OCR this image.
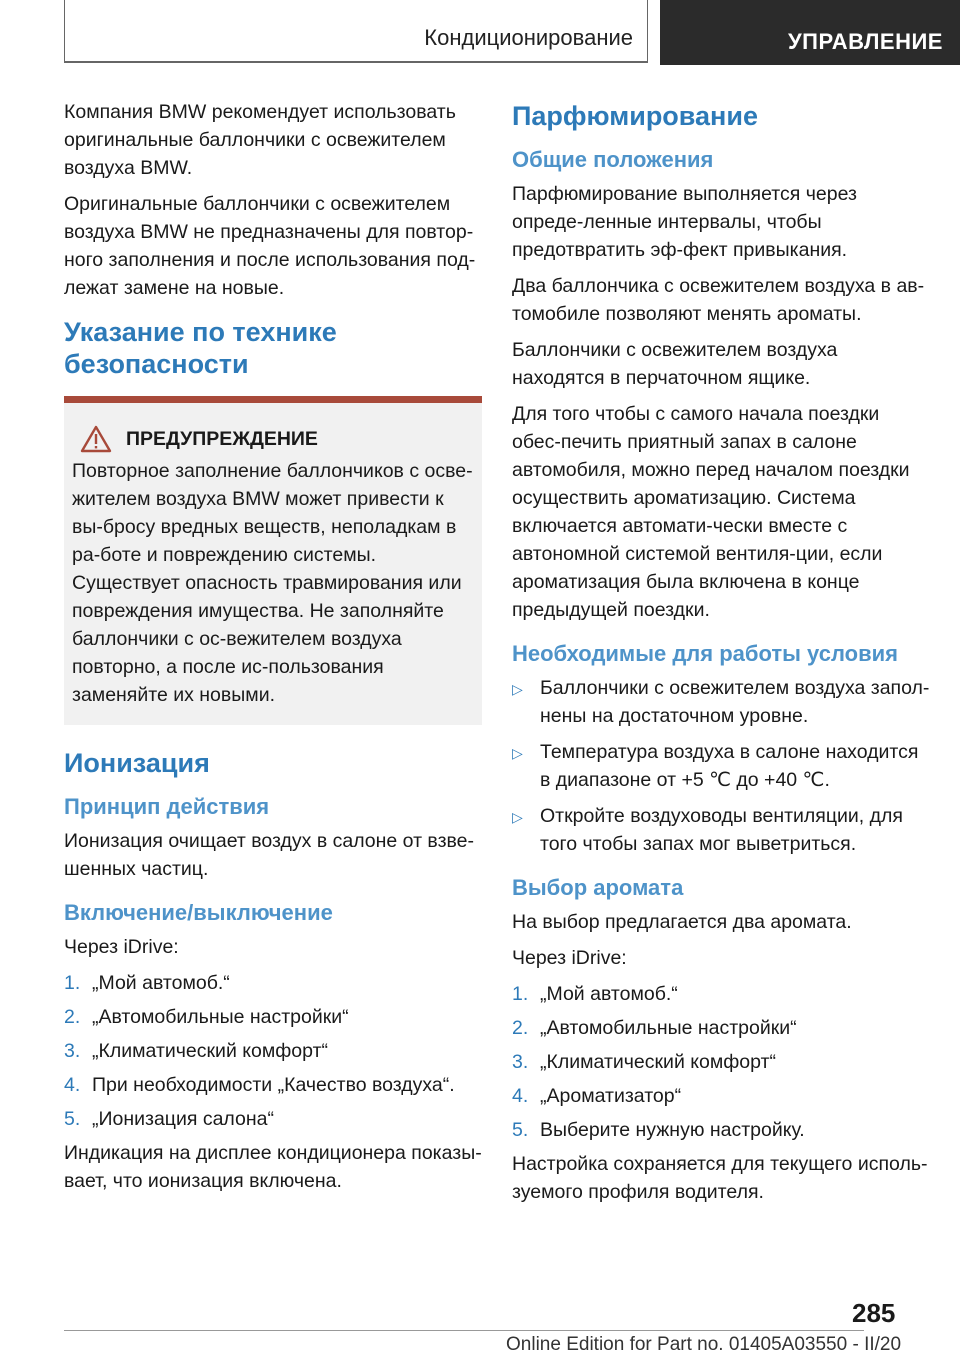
Кондиционирование	УПРАВЛЕНИЕ

Компания BMW рекомендует использовать оригинальные баллончики с освежителем воздуха BMW.

Оригинальные баллончики с освежителем воздуха BMW не предназначены для повтор-ного заполнения и после использования под-лежат замене на новые.

Указание по технике безопасности
ПРЕДУПРЕЖДЕНИЕ

Повторное заполнение баллончиков с осве-жителем воздуха BMW может привести к вы-бросу вредных веществ, неполадкам в ра-боте и повреждению системы. Существует опасность травмирования или повреждения имущества. Не заполняйте баллончики с ос-вежителем воздуха повторно, а после ис-пользования заменяйте их новыми.

Ионизация
Принцип действия

Ионизация очищает воздух в салоне от взве-шенных частиц.

Включение/выключение

Через iDrive:

1. „Мой автомоб.“
2. „Автомобильные настройки“
3. „Климатический комфорт“
4. При необходимости „Качество воздуха“.
5. „Ионизация салона“

Индикация на дисплее кондиционера показы-вает, что ионизация включена.

Парфюмирование
Общие положения

Парфюмирование выполняется через опреде-ленные интервалы, чтобы предотвратить эф-фект привыкания.

Два баллончика с освежителем воздуха в ав-томобиле позволяют менять ароматы.

Баллончики с освежителем воздуха находятся в перчаточном ящике.

Для того чтобы с самого начала поездки обес-печить приятный запах в салоне автомобиля, можно перед началом поездки осуществить ароматизацию. Система включается автомати-чески вместе с автономной системой вентиля-ции, если ароматизация была включена в конце предыдущей поездки.

Необходимые для работы условия
▷ Баллончики с освежителем воздуха запол-нены на достаточном уровне.
▷ Температура воздуха в салоне находится в диапазоне от +5 ℃ до +40 ℃.
▷ Откройте воздуховоды вентиляции, для того чтобы запах мог выветриться.
Выбор аромата

На выбор предлагается два аромата.

Через iDrive:

1. „Мой автомоб.“
2. „Автомобильные настройки“
3. „Климатический комфорт“
4. „Ароматизатор“
5. Выберите нужную настройку.

Настройка сохраняется для текущего исполь-зуемого профиля водителя.

285
Online Edition for Part no. 01405A03550 - II/20
